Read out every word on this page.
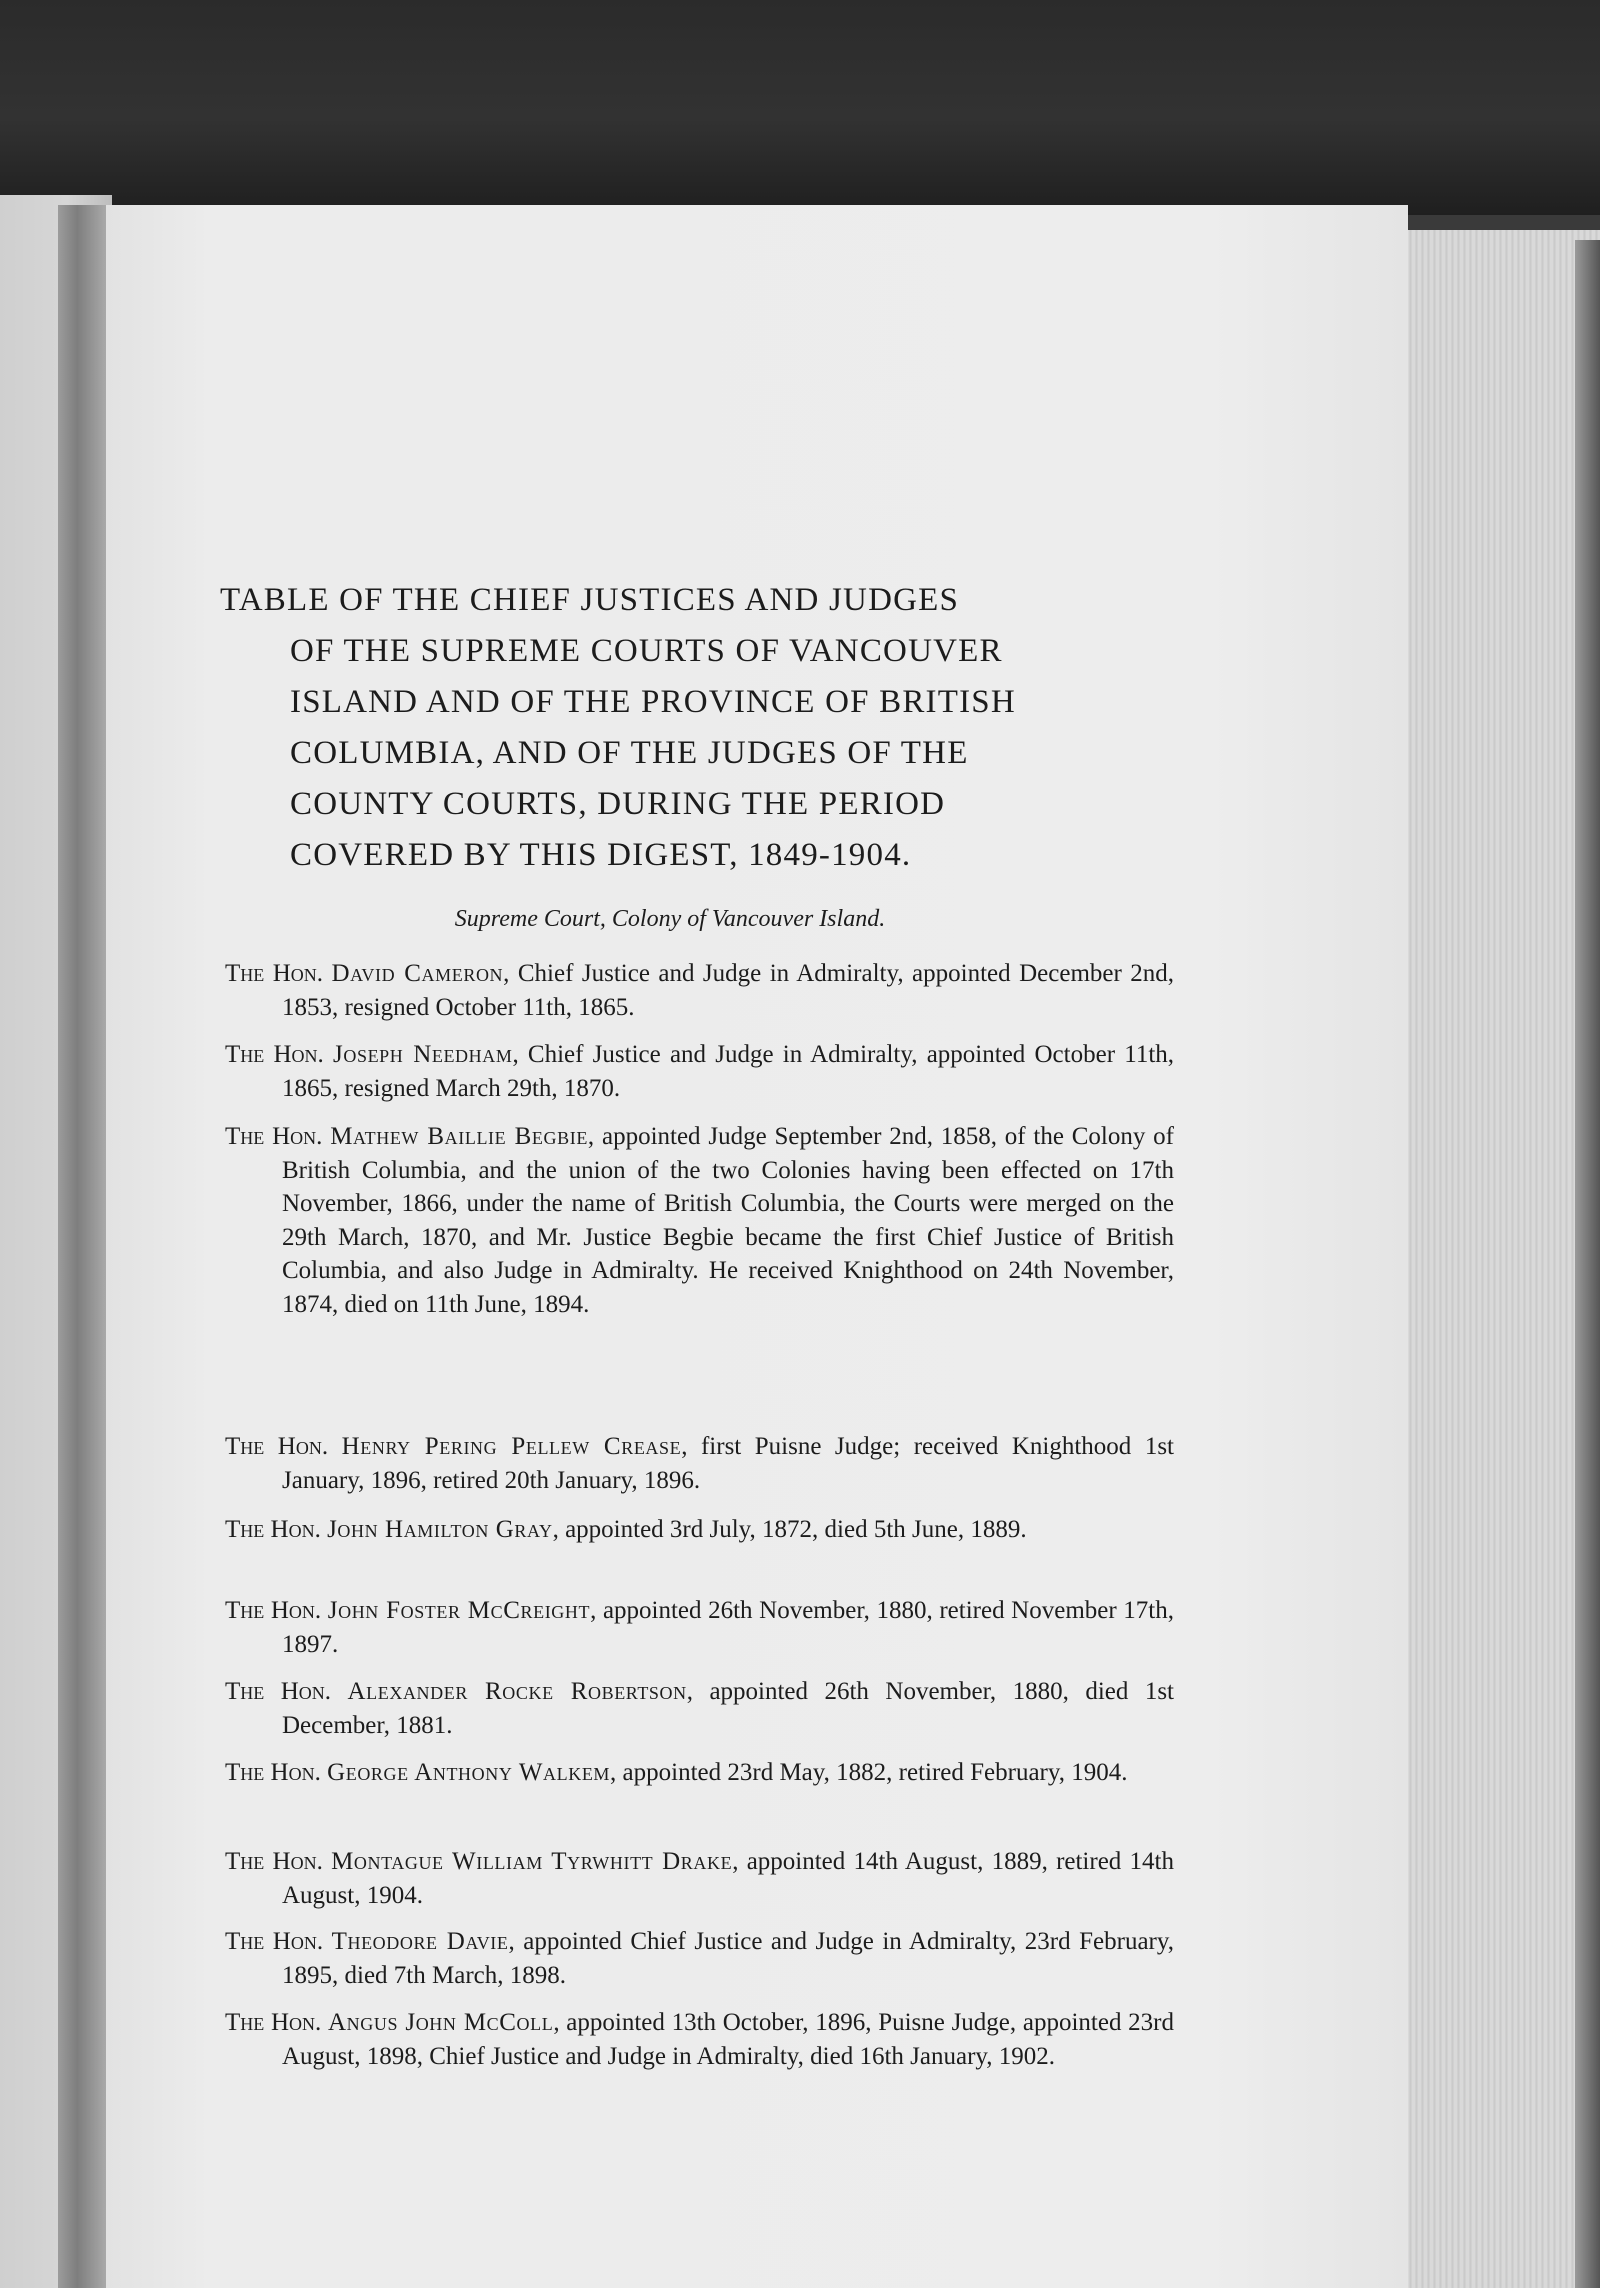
TABLE OF THE CHIEF JUSTICES AND JUDGES
OF THE SUPREME COURTS OF VANCOUVER
ISLAND AND OF THE PROVINCE OF BRITISH
COLUMBIA, AND OF THE JUDGES OF THE
COUNTY COURTS, DURING THE PERIOD
COVERED BY THIS DIGEST, 1849-1904.
Supreme Court, Colony of Vancouver Island.

The Hon. David Cameron, Chief Justice and Judge in Admiralty, appointed December 2nd, 1853, resigned October 11th, 1865.

The Hon. Joseph Needham, Chief Justice and Judge in Admiralty, appointed October 11th, 1865, resigned March 29th, 1870.

The Hon. Mathew Baillie Begbie, appointed Judge September 2nd, 1858, of the Colony of British Columbia, and the union of the two Colonies having been effected on 17th November, 1866, under the name of British Columbia, the Courts were merged on the 29th March, 1870, and Mr. Justice Begbie became the first Chief Justice of British Columbia, and also Judge in Admiralty. He received Knighthood on 24th November, 1874, died on 11th June, 1894.

The Hon. Henry Pering Pellew Crease, first Puisne Judge; received Knighthood 1st January, 1896, retired 20th January, 1896.

The Hon. John Hamilton Gray, appointed 3rd July, 1872, died 5th June, 1889.

The Hon. John Foster McCreight, appointed 26th November, 1880, retired November 17th, 1897.

The Hon. Alexander Rocke Robertson, appointed 26th November, 1880, died 1st December, 1881.

The Hon. George Anthony Walkem, appointed 23rd May, 1882, retired February, 1904.

The Hon. Montague William Tyrwhitt Drake, appointed 14th August, 1889, retired 14th August, 1904.

The Hon. Theodore Davie, appointed Chief Justice and Judge in Admiralty, 23rd February, 1895, died 7th March, 1898.

The Hon. Angus John McColl, appointed 13th October, 1896, Puisne Judge, appointed 23rd August, 1898, Chief Justice and Judge in Admiralty, died 16th January, 1902.
